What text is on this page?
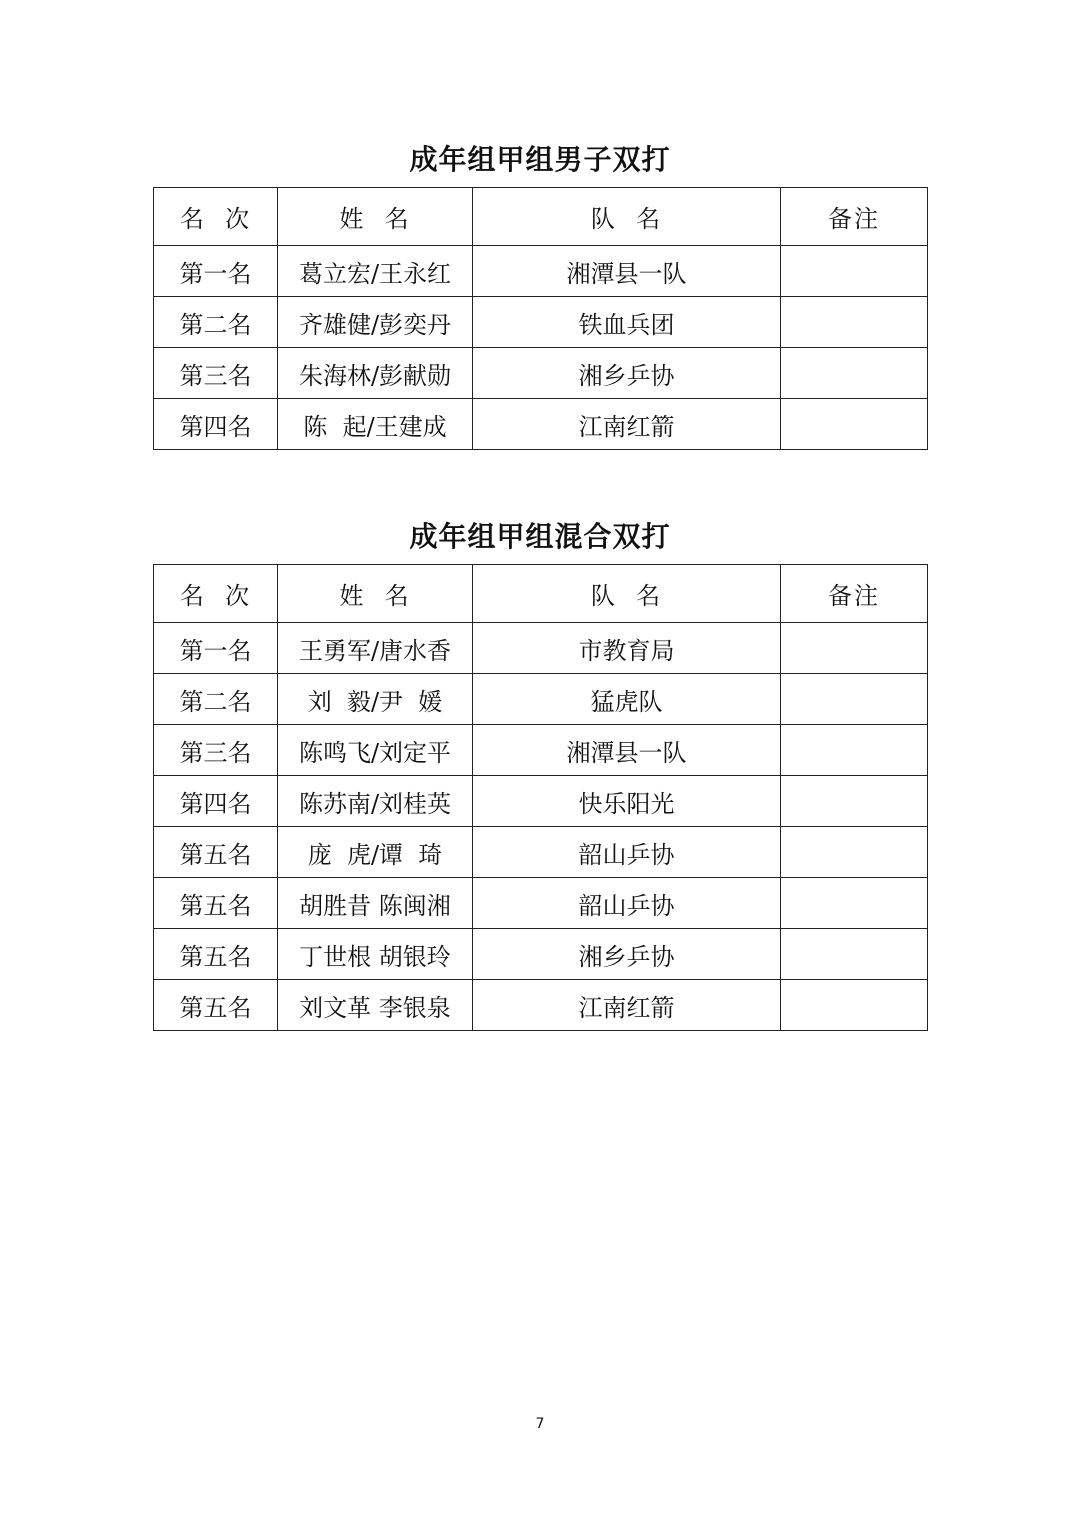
成年组甲组男子双打
名  次	姓  名	队  名	备注
第一名	葛立宏/王永红	湘潭县一队	
第二名	齐雄健/彭奕丹	铁血兵团	
第三名	朱海林/彭献勋	湘乡乒协	
第四名	陈  起/王建成	江南红箭	
成年组甲组混合双打
名  次	姓  名	队  名	备注
第一名	王勇军/唐水香	市教育局	
第二名	刘  毅/尹  媛	猛虎队	
第三名	陈鸣飞/刘定平	湘潭县一队	
第四名	陈苏南/刘桂英	快乐阳光	
第五名	庞  虎/谭  琦	韶山乒协	
第五名	胡胜昔 陈闽湘	韶山乒协	
第五名	丁世根 胡银玲	湘乡乒协	
第五名	刘文革 李银泉	江南红箭	
7
